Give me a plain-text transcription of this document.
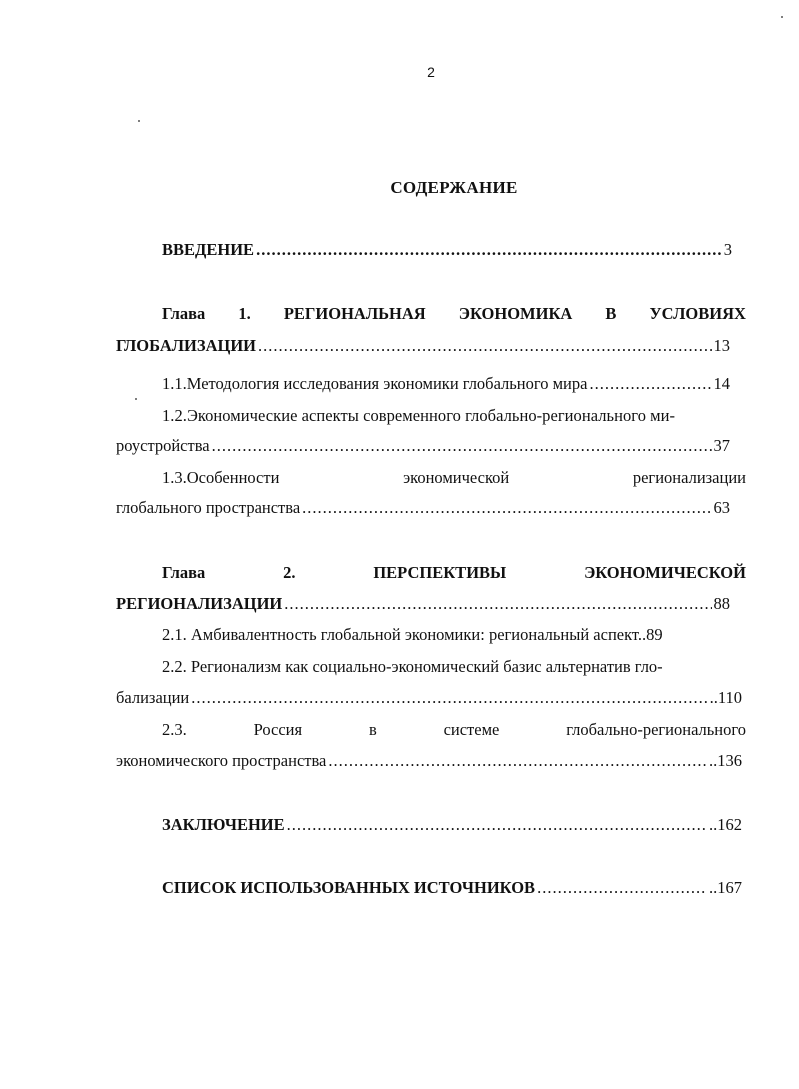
2
СОДЕРЖАНИЕ
ВВЕДЕНИЕ .....	3
Глава 1. РЕГИОНАЛЬНАЯ ЭКОНОМИКА В УСЛОВИЯХ
ГЛОБАЛИЗАЦИИ .....	13
1.1.Методология исследования экономики глобального мира .....	14
1.2.Экономические аспекты современного глобально-регионального ми-
роустройства .....	37
1.3.Особенности	экономической	регионализации
глобального пространства .....	63
Глава	2.	ПЕРСПЕКТИВЫ	ЭКОНОМИЧЕСКОЙ
РЕГИОНАЛИЗАЦИИ .....	88
2.1. Амбивалентность глобальной экономики: региональный аспект..89
2.2. Регионализм как социально-экономический базис альтернатив гло-
бализации .....	..110
2.3.	Россия	в	системе	глобально-регионального
экономического пространства .....	..136
ЗАКЛЮЧЕНИЕ .....	..162
СПИСОК ИСПОЛЬЗОВАННЫХ ИСТОЧНИКОВ .....	..167
